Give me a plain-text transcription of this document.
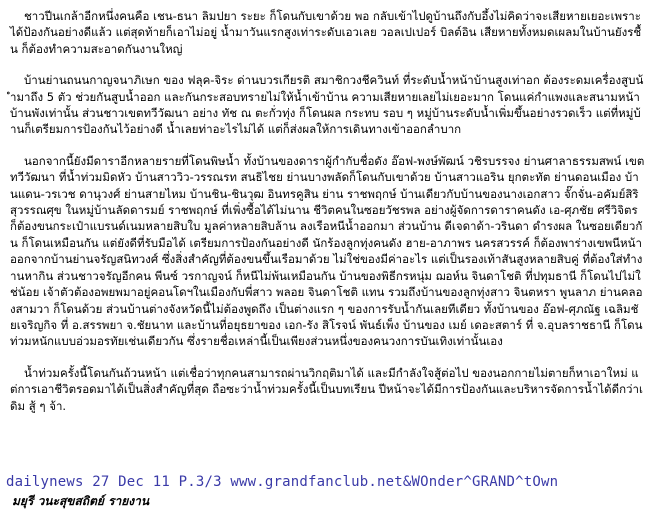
ชาวปีนเกล้าอีกหนึ่งคนคือ เชน-ธนา ลิมปยา ระยะ ก็โดนกับเขาด้วย พอ กลับเข้าไปดูบ้านถึงกับอึ้งไม่คิดว่าจะเสียหายเยอะเพราะได้ป้องกันอย่างดีแล้ว แต่สุดท้ายก็เอาไม่อยู่ น้ำมาวันแรกสูงเท่าระดับเอวเลย วอลเปเปอร์ บิลต์อิน เสียหายทั้งหมดเผลมในบ้านยังรชื้น ก็ต้องทำความสะอาดกันงานใหญ่

บ้านย่านถนนกาญจนาภิเษก ของ ฟลุค-จิระ ด่านบวรเกียรติ สมาชิกวงชีควินท์ ที่ระดับน้ำหน้าบ้านสูงเท่าอก ต้องระดมเครื่องสูบน้ำมาถึง 5 ตัว ช่วยกันสูบน้ำออก และกันกระสอบทรายไม่ให้น้ำเข้าบ้าน ความเสียหายเลยไม่เยอะมาก โดนแค่กำแพงและสนามหน้าบ้านพังเท่านั้น ส่วนชาวเขตทวีวัฒนา อย่าง ทัช ณ ตะกั่วทุ่ง ก็โดนผล กระทบ รอบ ๆ หมู่บ้านระดับน้ำเพิ่มขึ้นอย่างรวดเร็ว แต่ที่หมู่บ้านก็เตรียมการป้องกันไว้อย่างดี น้ำเลยท่าอะไรไม่ได้ แต่ก็ส่งผลให้การเดินทางเข้าออกลำบาก

นอกจากนี้ยังมีดาราอีกหลายรายที่โดนพิษน้ำ ทั้งบ้านของดาราผู้กำกับชื่อดัง อ๊อฟ-พงษ์พัฒน์ วชิรบรรจง ย่านศาลาธรรมสพน์ เขตทวีวัฒนา ที่น้ำท่วมมิดหัว บ้านสาววิว-วรรณรท สนธิไชย ย่านบางพลัดก็โดนกับเขาด้วย บ้านสาวแอริน ยุกตะทัต ย่านดอนเมือง บ้านแดน-วรเวช ดานุวงศ์ ย่านสายไหม บ้านชิน-ชินวุฒ อินทรคูสิน ย่าน ราชพฤกษ์ บ้านเดียวกับบ้านของนางเอกสาว จั๊กจั่น-อคัมย์สิริ สุวรรณศุข ในหมู่บ้านลัดดารมย์ ราชพฤกษ์ ที่เพิ่งซื้อได้ไม่นาน ชีวิตคนในซอยวัชรพล อย่างผู้จัดการดาราคนดัง เอ-ศุภชัย ศรีวิจิตร ก็ต้องขนกระเป๋าแบรนด์เนมหลายสิบใบ มูลค่าหลายสิบล้าน ลงเรือหนีน้ำออกมา ส่วนบ้าน ดีเจดาด้า-วรินดา ดำรงผล ในซอยเดียวกัน ก็โดนเหมือนกัน แต่ยังดีที่รับมือได้ เตรียมการป้องกันอย่างดี นักร้องลูกทุ่งคนดัง ฮาย-อาภาพร นครสวรรค์ ก็ต้องพาร่างเขพนีหน้าออกจากบ้านย่านจรัญสนิทวงศ์ ซึ่งสิ่งสำคัญที่ต้องขนขึ้นเรือมาด้วย ไม่ใช่ของมีค่าอะไร แต่เป็นรองเท้าสันสูงหลายสิบคู่ ที่ต้องใส่ทำงานหากิน ส่วนชาวจรัญอีกคน พีนซ์ วรกาญจน์ ก็หนีไม่พ้นเหมือนกัน บ้านของพิธีกรหนุ่ม ฌอห์น จินดาโชติ ที่ปทุมธานี ก็โดนไปไม่ใช่น้อย เจ้าตัวต้องอพยพมาอยู่คอนโดฯในเมืองกับพี่สาว พลอย จินดาโชติ แทน รวมถึงบ้านของลูกทุ่งสาว จินตหรา พูนลาภ ย่านคลองสามวา ก็โดนด้วย ส่วนบ้านต่างจังหวัดนี้ไม่ต้องพูดถึง เป็นต่างแรก ๆ ของการรับน้ำกันเลยทีเดียว ทั้งบ้านของ อ๊อฟ-ศุภณัฐ เฉลิมชัยเจริญกิจ ที่ อ.สรรพยา จ.ชัยนาท และบ้านที่อยุธยาของ เอก-รัง สิโรจน์ พันธ์เพ็ง บ้านของ เมย์ เดอะสตาร์ ที่ จ.อุบลราชธานี ก็โดนท่วมหนักแบบอ่วมอรทัยเช่นเดียวกัน ซึ่งรายชื่อเหล่านี้เป็นเพียงส่วนหนึ่งของคนวงการบันเทิงเท่านั้นเอง

น้ำท่วมครั้งนี้โดนกันถ้วนหน้า แต่เชื่อว่าทุกคนสามารถผ่านวิกฤติมาได้ และมีกำลังใจสู้ต่อไป ของนอกกายไม่ตายก็หาเอาใหม่ แต่การเอาชีวิตรอดมาได้เป็นสิ่งสำคัญที่สุด ถือซะว่าน้ำท่วมครั้งนี้เป็นบทเรียน ปีหน้าจะได้มีการป้องกันและบริหารจัดการน้ำได้ดีกว่าเดิม สู้ ๆ จ้า.

dailynews 27 Dec 11 P.3/3 www.grandfanclub.net&WOnder^GRAND^tOwn
มยุรี วนะสุขสถิตย์ รายงาน
